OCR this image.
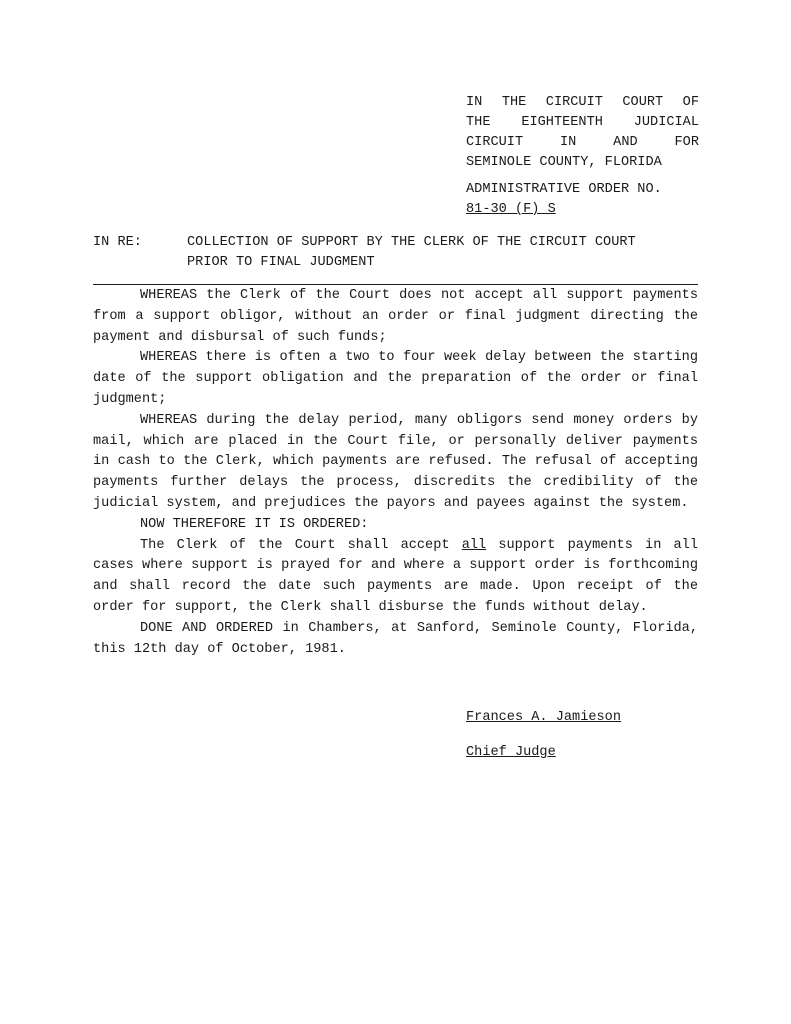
IN THE CIRCUIT COURT OF
THE EIGHTEENTH JUDICIAL
CIRCUIT IN AND FOR
SEMINOLE COUNTY, FLORIDA
ADMINISTRATIVE ORDER NO.
81-30 (F) S
IN RE:	COLLECTION OF SUPPORT BY THE CLERK OF THE CIRCUIT COURT
PRIOR TO FINAL JUDGMENT

WHEREAS the Clerk of the Court does not accept all support payments from a support obligor, without an order or final judgment directing the payment and disbursal of such funds;

WHEREAS there is often a two to four week delay between the starting date of the support obligation and the preparation of the order or final judgment;

WHEREAS during the delay period, many obligors send money orders by mail, which are placed in the Court file, or personally deliver payments in cash to the Clerk, which payments are refused. The refusal of accepting payments further delays the process, discredits the credibility of the judicial system, and prejudices the payors and payees against the system.

NOW THEREFORE IT IS ORDERED:

The Clerk of the Court shall accept all support payments in all cases where support is prayed for and where a support order is forthcoming and shall record the date such payments are made. Upon receipt of the order for support, the Clerk shall disburse the funds without delay.

DONE AND ORDERED in Chambers, at Sanford, Seminole County, Florida, this 12th day of October, 1981.

Frances A. Jamieson
Chief Judge
